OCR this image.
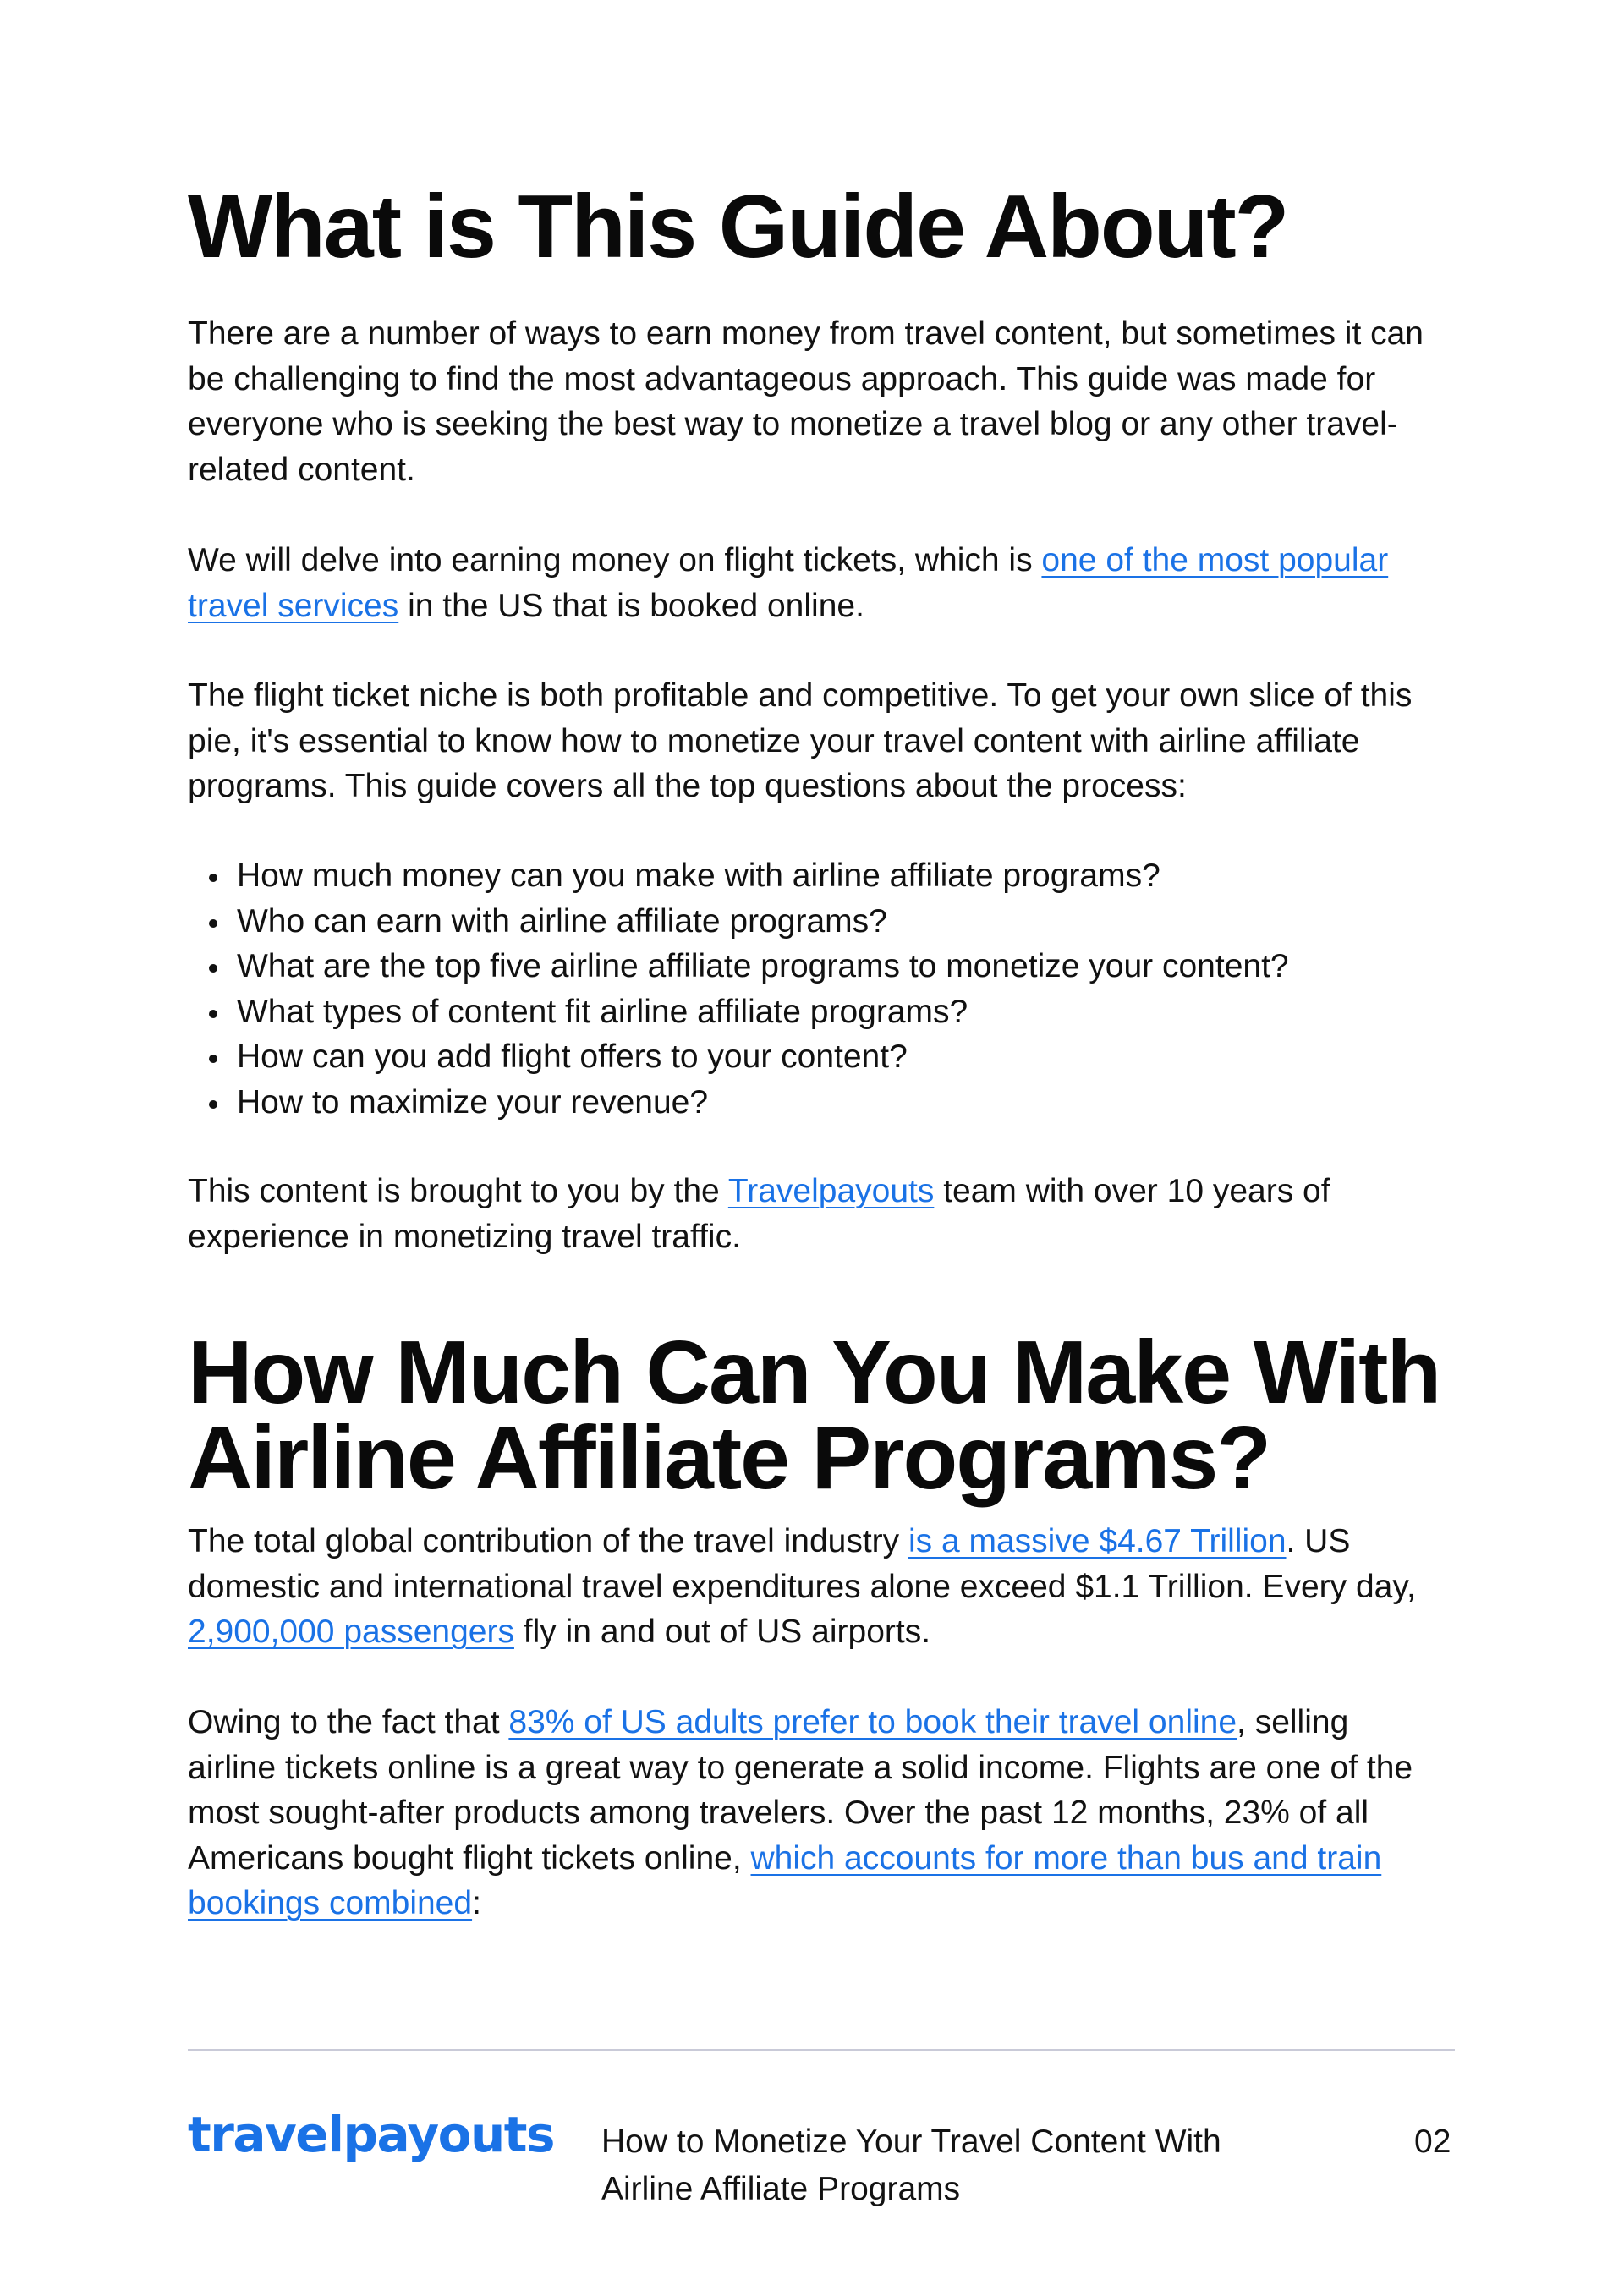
What is This Guide About?

There are a number of ways to earn money from travel content, but sometimes it can be challenging to find the most advantageous approach. This guide was made for everyone who is seeking the best way to monetize a travel blog or any other travel-related content.

We will delve into earning money on flight tickets, which is one of the most popular travel services in the US that is booked online.

The flight ticket niche is both profitable and competitive. To get your own slice of this pie, it's essential to know how to monetize your travel content with airline affiliate programs. This guide covers all the top questions about the process:

How much money can you make with airline affiliate programs?
Who can earn with airline affiliate programs?
What are the top five airline affiliate programs to monetize your content?
What types of content fit airline affiliate programs?
How can you add flight offers to your content?
How to maximize your revenue?

This content is brought to you by the Travelpayouts team with over 10 years of experience in monetizing travel traffic.

How Much Can You Make With Airline Affiliate Programs?

The total global contribution of the travel industry is a massive $4.67 Trillion. US domestic and international travel expenditures alone exceed $1.1 Trillion. Every day, 2,900,000 passengers fly in and out of US airports.

Owing to the fact that 83% of US adults prefer to book their travel online, selling airline tickets online is a great way to generate a solid income. Flights are one of the most sought-after products among travelers. Over the past 12 months, 23% of all Americans bought flight tickets online, which accounts for more than bus and train bookings combined:

travelpayouts How to Monetize Your Travel Content With Airline Affiliate Programs
02
